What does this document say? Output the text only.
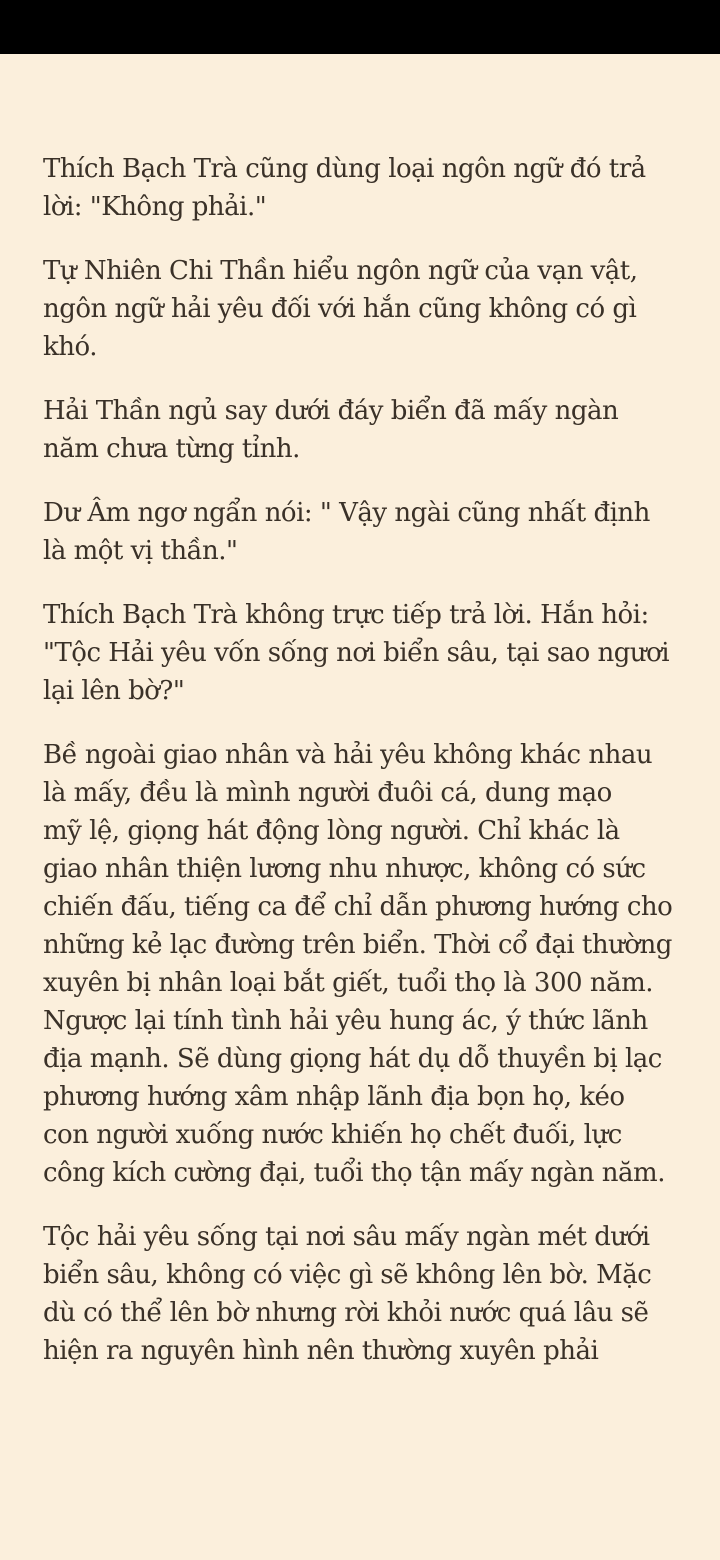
Thích Bạch Trà cũng dùng loại ngôn ngữ đó trả
lời: "Không phải."

Tự Nhiên Chi Thần hiểu ngôn ngữ của vạn vật,
ngôn ngữ hải yêu đối với hắn cũng không có gì
khó.

Hải Thần ngủ say dưới đáy biển đã mấy ngàn
năm chưa từng tỉnh.

Dư Âm ngơ ngẩn nói: " Vậy ngài cũng nhất định
là một vị thần."

Thích Bạch Trà không trực tiếp trả lời. Hắn hỏi:
"Tộc Hải yêu vốn sống nơi biển sâu, tại sao ngươi
lại lên bờ?"

Bề ngoài giao nhân và hải yêu không khác nhau
là mấy, đều là mình người đuôi cá, dung mạo
mỹ lệ, giọng hát động lòng người. Chỉ khác là
giao nhân thiện lương nhu nhược, không có sức
chiến đấu, tiếng ca để chỉ dẫn phương hướng cho
những kẻ lạc đường trên biển. Thời cổ đại thường
xuyên bị nhân loại bắt giết, tuổi thọ là 300 năm.
Ngược lại tính tình hải yêu hung ác, ý thức lãnh
địa mạnh. Sẽ dùng giọng hát dụ dỗ thuyền bị lạc
phương hướng xâm nhập lãnh địa bọn họ, kéo
con người xuống nước khiến họ chết đuối, lực
công kích cường đại, tuổi thọ tận mấy ngàn năm.

Tộc hải yêu sống tại nơi sâu mấy ngàn mét dưới
biển sâu, không có việc gì sẽ không lên bờ. Mặc
dù có thể lên bờ nhưng rời khỏi nước quá lâu sẽ
hiện ra nguyên hình nên thường xuyên phải
